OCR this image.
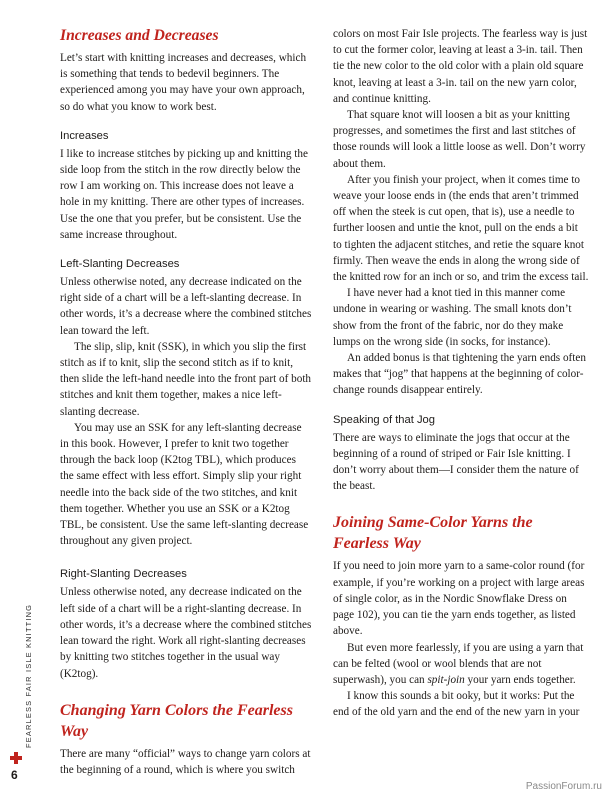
FEARLESS FAIR ISLE KNITTING
6
Increases and Decreases

Let’s start with knitting increases and decreases, which is something that tends to bedevil beginners. The experienced among you may have your own approach, so do what you know to work best.

Increases

I like to increase stitches by picking up and knitting the side loop from the stitch in the row directly below the row I am working on. This increase does not leave a hole in my knitting. There are other types of increases. Use the one that you prefer, but be consistent. Use the same increase throughout.

Left-Slanting Decreases

Unless otherwise noted, any decrease indicated on the right side of a chart will be a left-slanting decrease. In other words, it’s a decrease where the combined stitches lean toward the left.

The slip, slip, knit (SSK), in which you slip the first stitch as if to knit, slip the second stitch as if to knit, then slide the left-hand needle into the front part of both stitches and knit them together, makes a nice left-slanting decrease.

You may use an SSK for any left-slanting decrease in this book. However, I prefer to knit two together through the back loop (K2tog TBL), which produces the same effect with less effort. Simply slip your right needle into the back side of the two stitches, and knit them together. Whether you use an SSK or a K2tog TBL, be consistent. Use the same left-slanting decrease throughout any given project.

Right-Slanting Decreases

Unless otherwise noted, any decrease indicated on the left side of a chart will be a right-slanting decrease. In other words, it’s a decrease where the combined stitches lean toward the right. Work all right-slanting decreases by knitting two stitches together in the usual way (K2tog).

Changing Yarn Colors the Fearless Way

There are many “official” ways to change yarn colors at the beginning of a round, which is where you switch

colors on most Fair Isle projects. The fearless way is just to cut the former color, leaving at least a 3-in. tail. Then tie the new color to the old color with a plain old square knot, leaving at least a 3-in. tail on the new yarn color, and continue knitting.

That square knot will loosen a bit as your knitting progresses, and sometimes the first and last stitches of those rounds will look a little loose as well. Don’t worry about them.

After you finish your project, when it comes time to weave your loose ends in (the ends that aren’t trimmed off when the steek is cut open, that is), use a needle to further loosen and untie the knot, pull on the ends a bit to tighten the adjacent stitches, and retie the square knot firmly. Then weave the ends in along the wrong side of the knitted row for an inch or so, and trim the excess tail.

I have never had a knot tied in this manner come undone in wearing or washing. The small knots don’t show from the front of the fabric, nor do they make lumps on the wrong side (in socks, for instance).

An added bonus is that tightening the yarn ends often makes that “jog” that happens at the beginning of color-change rounds disappear entirely.

Speaking of that Jog

There are ways to eliminate the jogs that occur at the beginning of a round of striped or Fair Isle knitting. I don’t worry about them—I consider them the nature of the beast.

Joining Same-Color Yarns the Fearless Way

If you need to join more yarn to a same-color round (for example, if you’re working on a project with large areas of single color, as in the Nordic Snowflake Dress on page 102), you can tie the yarn ends together, as listed above.

But even more fearlessly, if you are using a yarn that can be felted (wool or wool blends that are not superwash), you can spit-join your yarn ends together.

I know this sounds a bit ooky, but it works: Put the end of the old yarn and the end of the new yarn in your

PassionForum.ru
